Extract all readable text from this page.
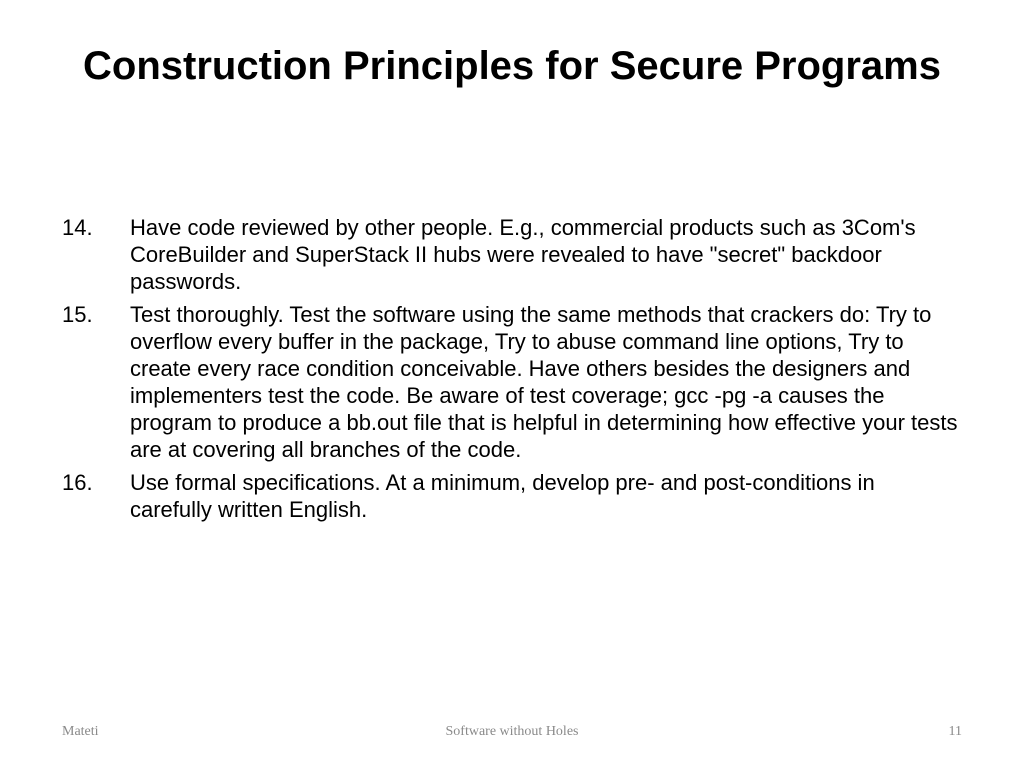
Construction Principles for Secure Programs
14. Have code reviewed by other people. E.g., commercial products such as 3Com's CoreBuilder and SuperStack II hubs were revealed to have "secret" backdoor passwords.
15. Test thoroughly. Test the software using the same methods that crackers do: Try to overflow every buffer in the package, Try to abuse command line options, Try to create every race condition conceivable. Have others besides the designers and implementers test the code. Be aware of test coverage; gcc -pg -a causes the program to produce a bb.out file that is helpful in determining how effective your tests are at covering all branches of the code.
16. Use formal specifications. At a minimum, develop pre- and post-conditions in carefully written English.
Mateti	Software without Holes	11
